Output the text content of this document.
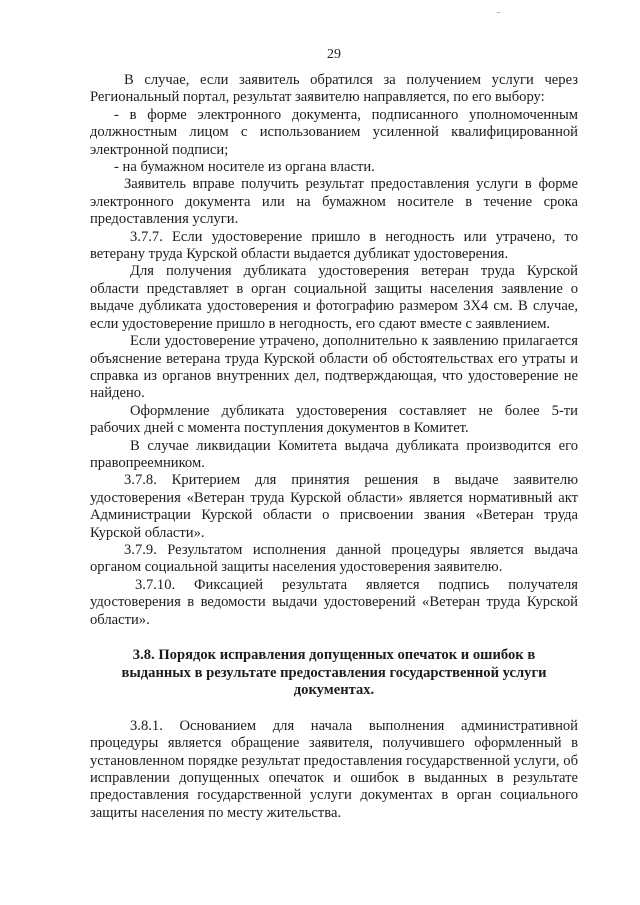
29

В случае, если заявитель обратился за получением услуги через Региональный портал, результат заявителю направляется, по его выбору:

- в форме электронного документа, подписанного уполномоченным должностным лицом с использованием усиленной квалифицированной электронной подписи;

- на бумажном носителе из органа власти.

Заявитель вправе получить результат предоставления услуги в форме электронного документа или на бумажном носителе в течение срока предоставления услуги.

3.7.7. Если удостоверение пришло в негодность или утрачено, то ветерану труда Курской области выдается дубликат удостоверения.

Для получения дубликата удостоверения ветеран труда Курской области представляет в орган социальной защиты населения заявление о выдаче дубликата удостоверения и фотографию размером 3Х4 см. В случае, если удостоверение пришло в негодность, его сдают вместе с заявлением.

Если удостоверение утрачено, дополнительно к заявлению прилагается объяснение ветерана труда Курской области об обстоятельствах его утраты и справка из органов внутренних дел, подтверждающая, что удостоверение не найдено.

Оформление дубликата удостоверения составляет не более 5-ти рабочих дней с момента поступления документов в Комитет.

В случае ликвидации Комитета выдача дубликата производится его правопреемником.

3.7.8. Критерием для принятия решения в выдаче заявителю удостоверения «Ветеран труда Курской области» является нормативный акт Администрации Курской области о присвоении звания «Ветеран труда Курской области».

3.7.9. Результатом исполнения данной процедуры является выдача органом социальной защиты населения удостоверения заявителю.

3.7.10. Фиксацией результата является подпись получателя удостоверения в ведомости выдачи удостоверений «Ветеран труда Курской области».

3.8. Порядок исправления допущенных опечаток и ошибок в выданных в результате предоставления государственной услуги документах.

3.8.1. Основанием для начала выполнения административной процедуры является обращение заявителя, получившего оформленный в установленном порядке результат предоставления государственной услуги, об исправлении допущенных опечаток и ошибок в выданных в результате предоставления государственной услуги документах в орган социального защиты населения по месту жительства.
